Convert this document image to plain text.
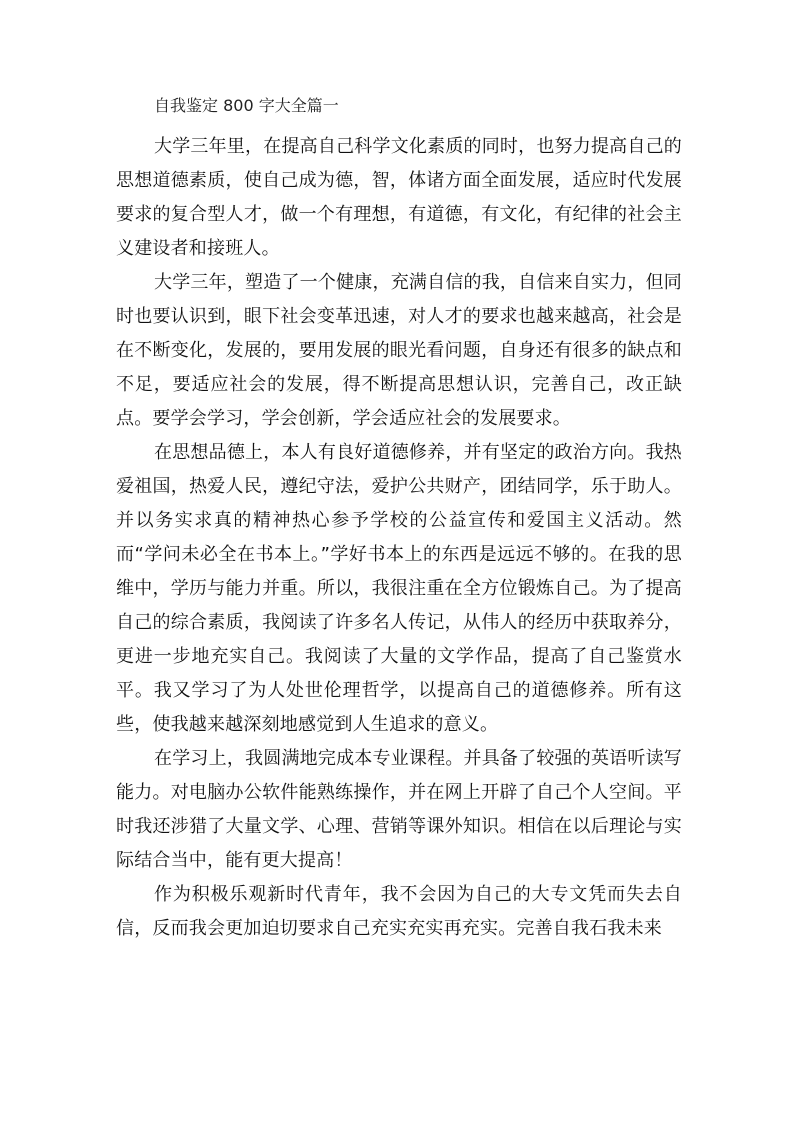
自我鉴定 800 字大全篇一

大学三年里，在提高自己科学文化素质的同时，也努力提高自己的思想道德素质，使自己成为德，智，体诸方面全面发展，适应时代发展要求的复合型人才，做一个有理想，有道德，有文化，有纪律的社会主义建设者和接班人。

大学三年，塑造了一个健康，充满自信的我，自信来自实力，但同时也要认识到，眼下社会变革迅速，对人才的要求也越来越高，社会是在不断变化，发展的，要用发展的眼光看问题，自身还有很多的缺点和不足，要适应社会的发展，得不断提高思想认识，完善自己，改正缺点。要学会学习，学会创新，学会适应社会的发展要求。

在思想品德上，本人有良好道德修养，并有坚定的政治方向。我热爱祖国，热爱人民，遵纪守法，爱护公共财产，团结同学，乐于助人。并以务实求真的精神热心参予学校的公益宣传和爱国主义活动。然而“学问未必全在书本上。”学好书本上的东西是远远不够的。在我的思维中，学历与能力并重。所以，我很注重在全方位锻炼自己。为了提高自己的综合素质，我阅读了许多名人传记，从伟人的经历中获取养分，更进一步地充实自己。我阅读了大量的文学作品，提高了自己鉴赏水平。我又学习了为人处世伦理哲学，以提高自己的道德修养。所有这些，使我越来越深刻地感觉到人生追求的意义。

在学习上，我圆满地完成本专业课程。并具备了较强的英语听读写能力。对电脑办公软件能熟练操作，并在网上开辟了自己个人空间。平时我还涉猎了大量文学、心理、营销等课外知识。相信在以后理论与实际结合当中，能有更大提高！

作为积极乐观新时代青年，我不会因为自己的大专文凭而失去自信，反而我会更加迫切要求自己充实充实再充实。完善自我石我未来
